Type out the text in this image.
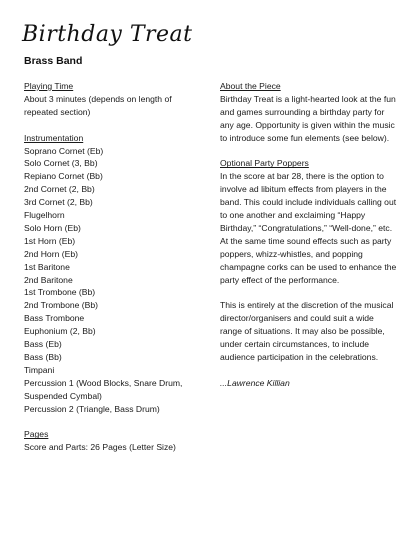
Birthday Treat
Brass Band
Playing Time

About 3 minutes (depends on length of repeated section)

Instrumentation
Soprano Cornet (Eb)
Solo Cornet (3, Bb)
Repiano Cornet (Bb)
2nd Cornet (2, Bb)
3rd Cornet (2, Bb)
Flugelhorn
Solo Horn (Eb)
1st Horn (Eb)
2nd Horn (Eb)
1st Baritone
2nd Baritone
1st Trombone (Bb)
2nd Trombone (Bb)
Bass Trombone
Euphonium (2, Bb)
Bass (Eb)
Bass (Bb)
Timpani
Percussion 1 (Wood Blocks, Snare Drum, Suspended Cymbal)
Percussion 2 (Triangle, Bass Drum)
Pages

Score and Parts: 26 Pages (Letter Size)

About the Piece

Birthday Treat is a light-hearted look at the fun and games surrounding a birthday party for any age. Opportunity is given within the music to introduce some fun elements (see below).

Optional Party Poppers

In the score at bar 28, there is the option to involve ad libitum effects from players in the band. This could include individuals calling out to one another and exclaiming “Happy Birthday,” “Congratulations,” “Well-done,” etc. At the same time sound effects such as party poppers, whizz-whistles, and popping champagne corks can be used to enhance the party effect of the performance.

This is entirely at the discretion of the musical director/organisers and could suit a wide range of situations. It may also be possible, under certain circumstances, to include audience participation in the celebrations.

...Lawrence Killian
